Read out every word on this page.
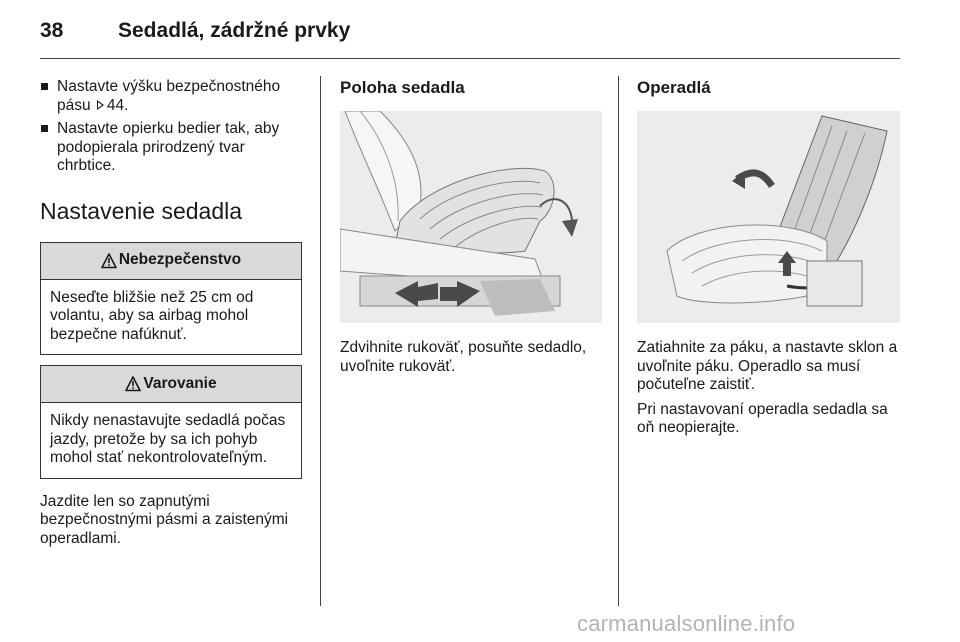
38	Sedadlá, zádržné prvky
Nastavte výšku bezpečnostného pásu 44.
Nastavte opierku bedier tak, aby podopierala prirodzený tvar chrbtice.
Nastavenie sedadla
Nebezpečenstvo
Neseďte bližšie než 25 cm od volantu, aby sa airbag mohol bezpečne nafúknuť.
Varovanie
Nikdy nenastavujte sedadlá počas jazdy, pretože by sa ich pohyb mohol stať nekontrolovateľným.

Jazdite len so zapnutými bezpečnostnými pásmi a zaistenými operadlami.

Poloha sedadla

Zdvihnite rukoväť, posuňte sedadlo, uvoľnite rukoväť.

Operadlá

Zatiahnite za páku, a nastavte sklon a uvoľnite páku. Operadlo sa musí počuteľne zaistiť.

Pri nastavovaní operadla sedadla sa oň neopierajte.

carmanualsonline.info
